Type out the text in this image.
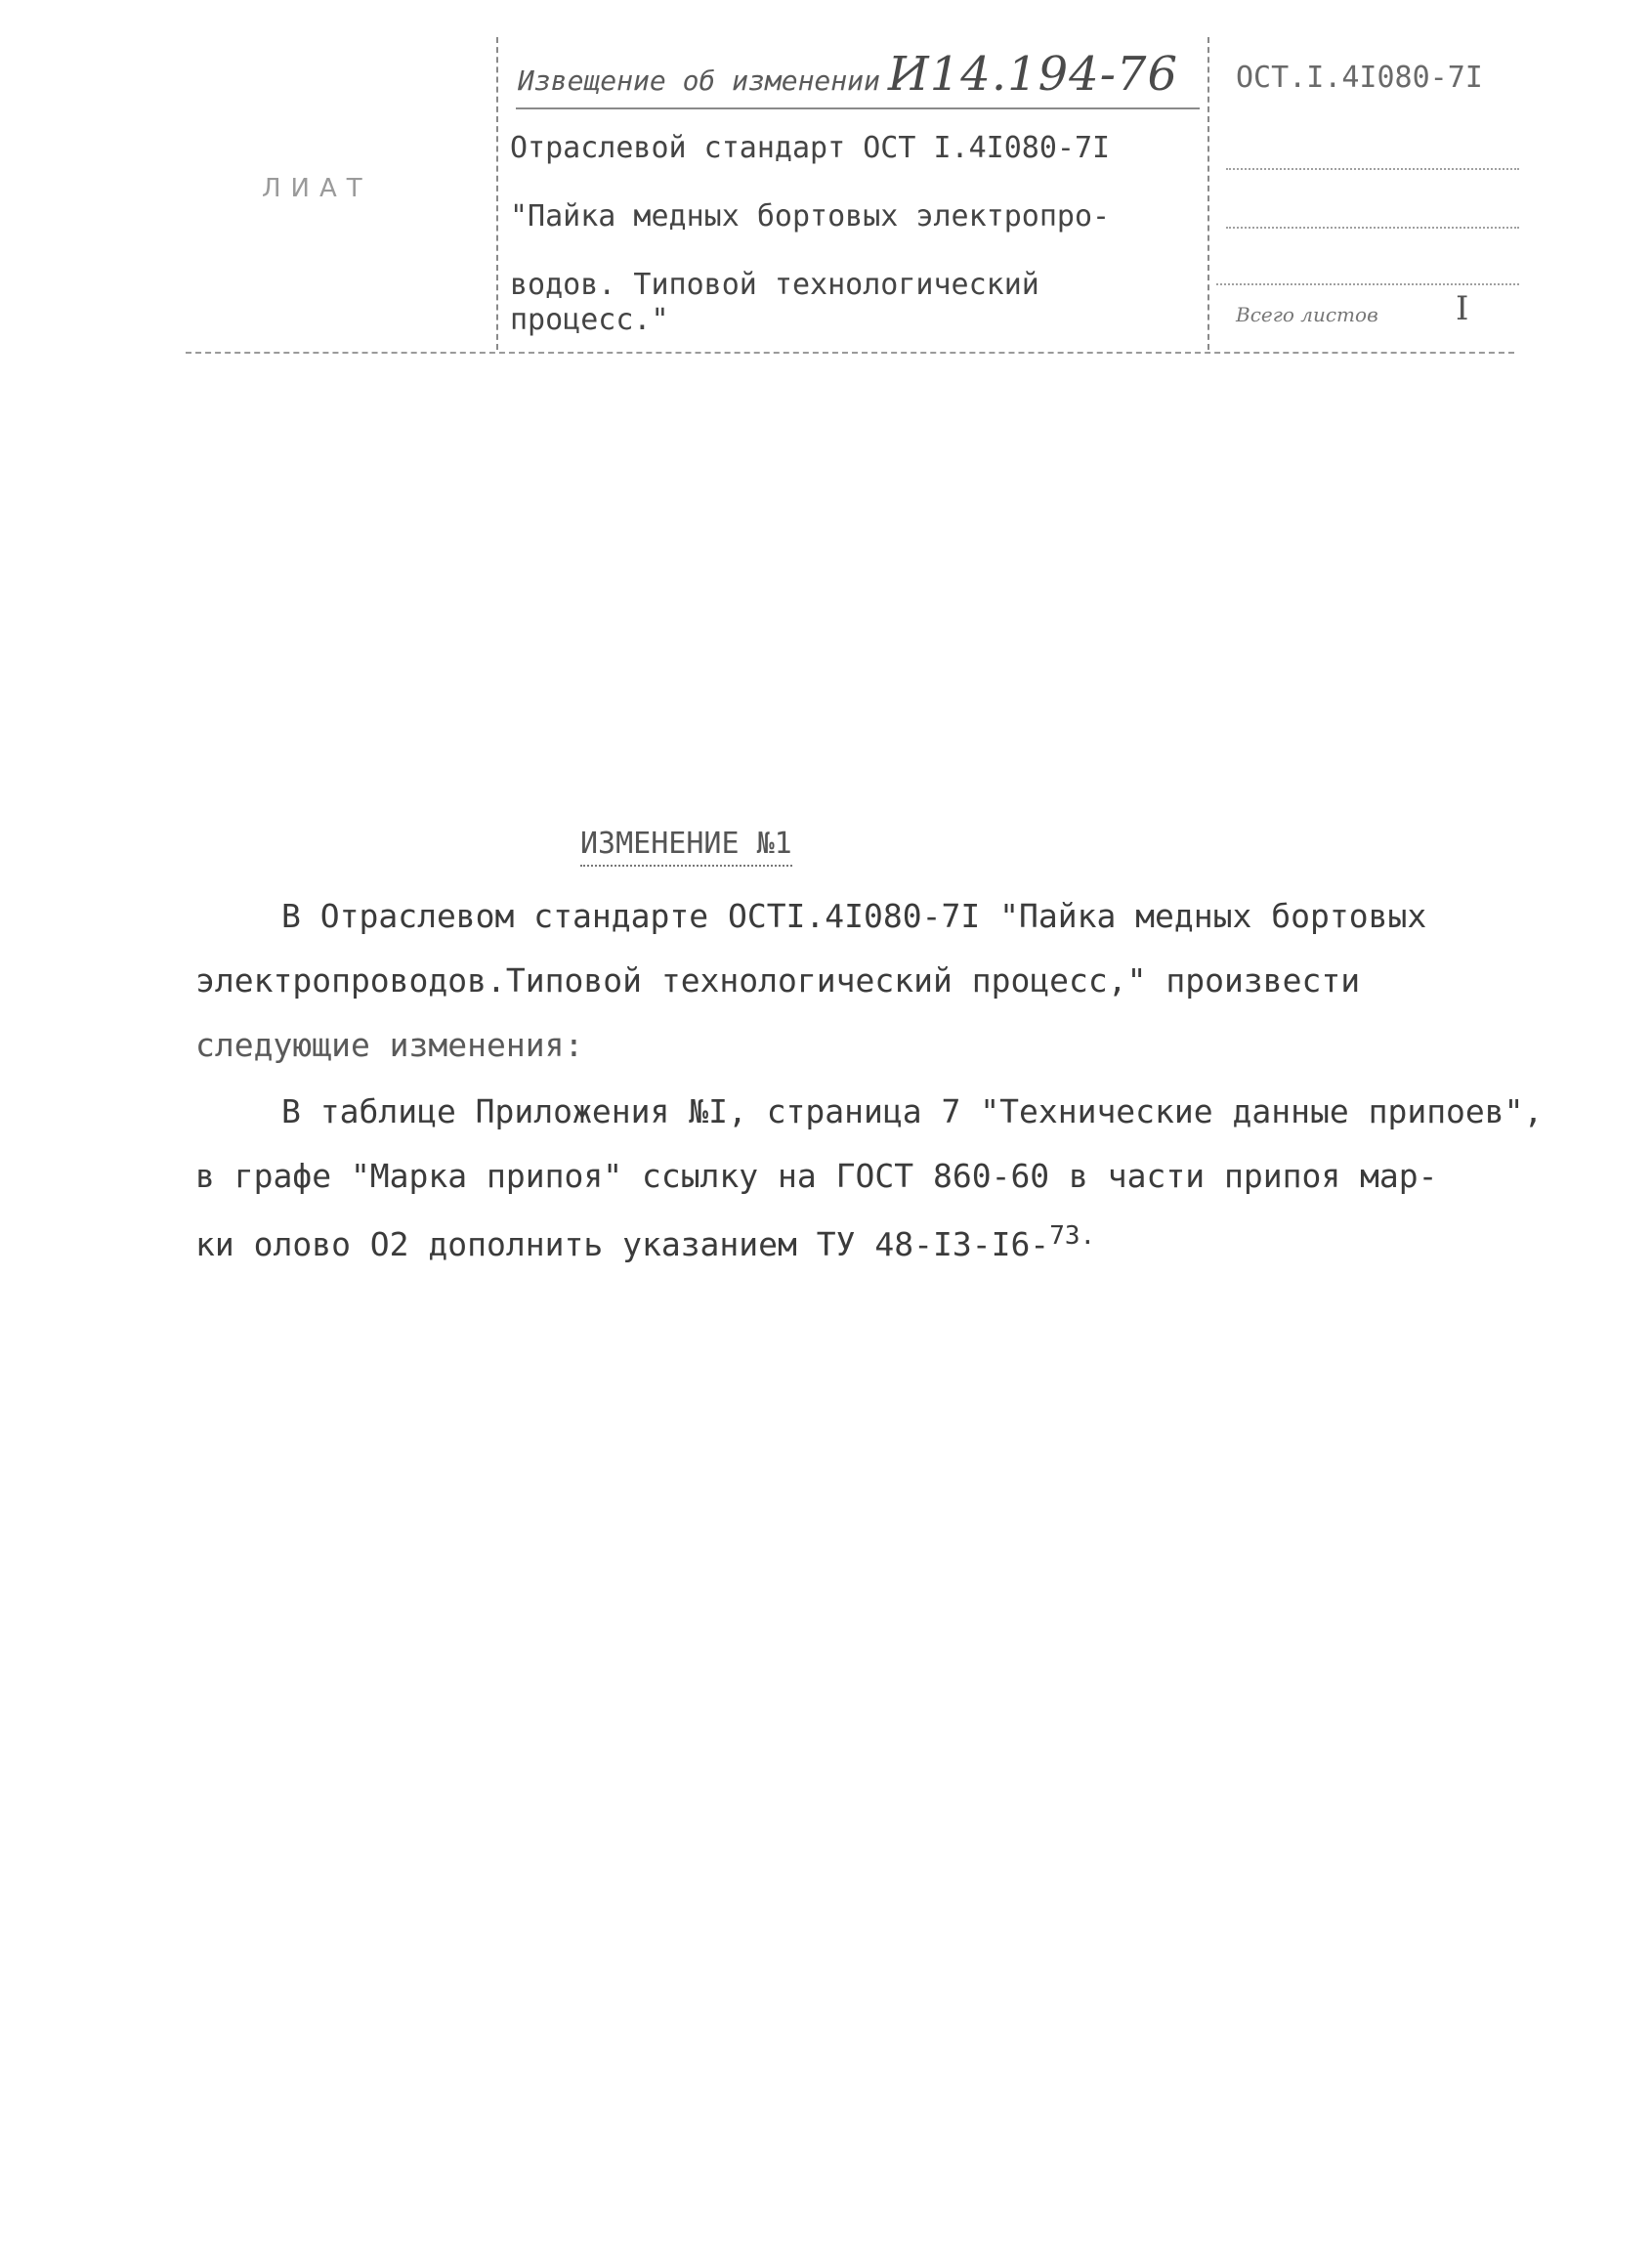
ЛИАТ
Извещение об изменении И14.194-76 ОСТ.I.4I080-7I
Отраслевой стандарт ОСТ I.4I080-7I
"Пайка медных бортовых электропро-
водов. Типовой технологический
процесс."	Всего листов I
ИЗМЕНЕНИЕ №1
В Отраслевом стандарте ОСТI.4I080-7I "Пайка медных бортовых
электропроводов.Типовой технологический процесс," произвести
следующие изменения:
В таблице Приложения №I, страница 7 "Технические данные припоев",
в графе "Марка припоя" ссылку на ГОСТ 860-60 в части припоя мар-
ки олово О2 дополнить указанием ТУ 48-I3-I6-$^{73.}$
